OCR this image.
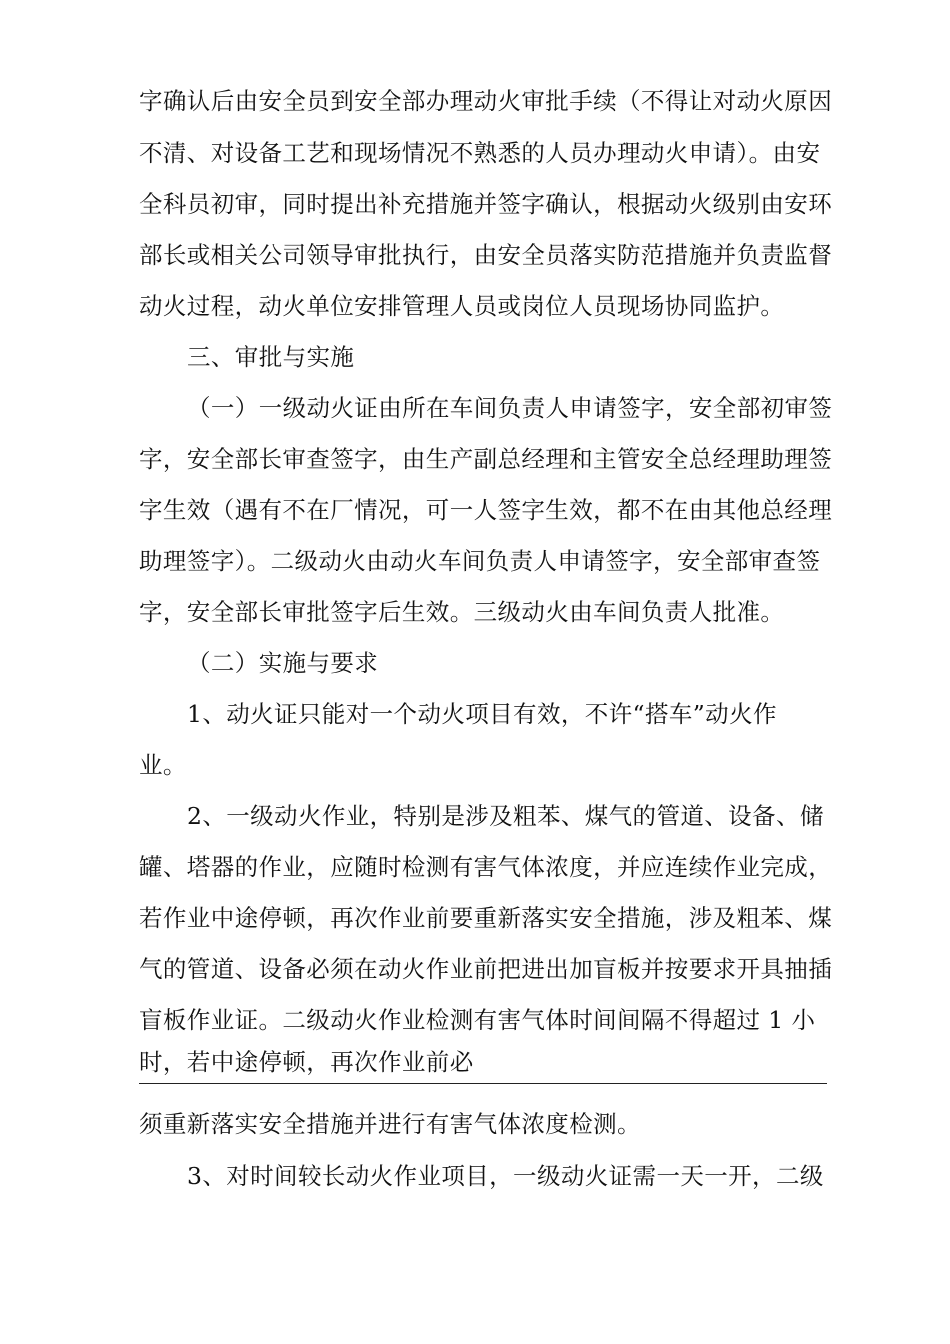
字确认后由安全员到安全部办理动火审批手续（不得让对动火原因
不清、对设备工艺和现场情况不熟悉的人员办理动火申请）。由安
全科员初审，同时提出补充措施并签字确认，根据动火级别由安环
部长或相关公司领导审批执行，由安全员落实防范措施并负责监督
动火过程，动火单位安排管理人员或岗位人员现场协同监护。
三、审批与实施
（一）一级动火证由所在车间负责人申请签字，安全部初审签
字，安全部长审查签字，由生产副总经理和主管安全总经理助理签
字生效（遇有不在厂情况，可一人签字生效，都不在由其他总经理
助理签字）。二级动火由动火车间负责人申请签字，安全部审查签
字，安全部长审批签字后生效。三级动火由车间负责人批准。
（二）实施与要求
1、动火证只能对一个动火项目有效，不许“搭车”动火作
业。
2、一级动火作业，特别是涉及粗苯、煤气的管道、设备、储
罐、塔器的作业，应随时检测有害气体浓度，并应连续作业完成，
若作业中途停顿，再次作业前要重新落实安全措施，涉及粗苯、煤
气的管道、设备必须在动火作业前把进出加盲板并按要求开具抽插
盲板作业证。二级动火作业检测有害气体时间间隔不得超过 1 小
时，若中途停顿，再次作业前必
须重新落实安全措施并进行有害气体浓度检测。
3、对时间较长动火作业项目，一级动火证需一天一开，二级
